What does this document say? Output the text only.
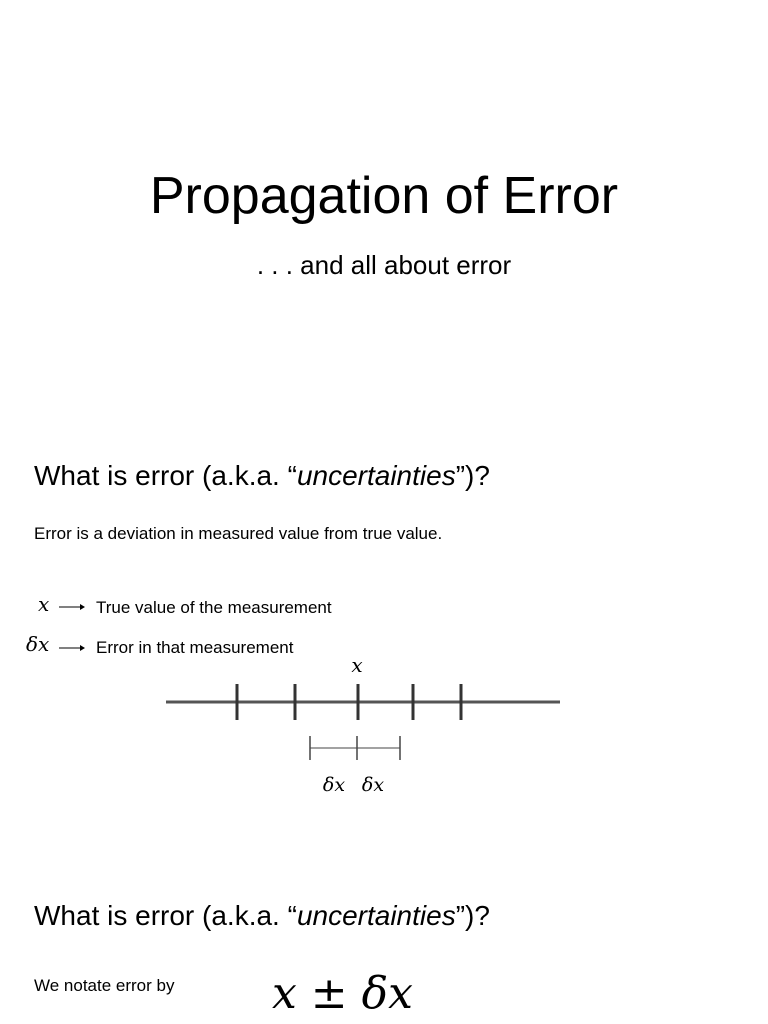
Propagation of Error

. . . and all about error

What is error (a.k.a. “uncertainties”)?

Error is a deviation in measured value from true value.

x	True value of the measurement
δx	Error in that measurement
x
δx δx
What is error (a.k.a. “uncertainties”)?

We notate error by x ± δx
